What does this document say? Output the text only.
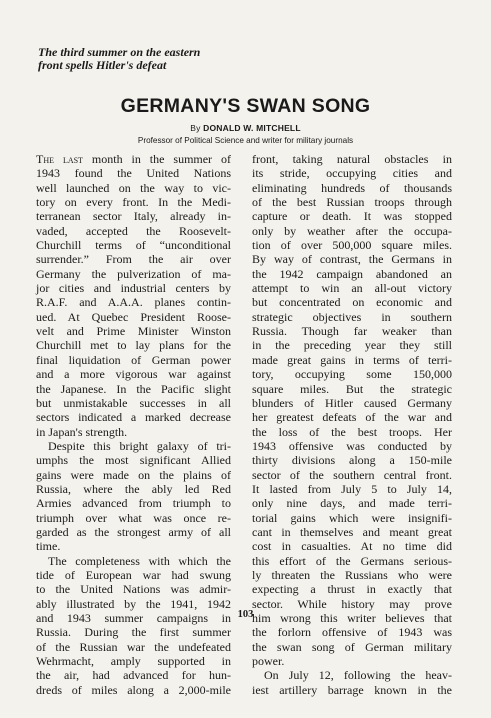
The third summer on the eastern
front spells Hitler's defeat
GERMANY'S SWAN SONG
By DONALD W. MITCHELL
Professor of Political Science and writer for military journals
The last month in the summer of
1943 found the United Nations
well launched on the way to vic-
tory on every front. In the Medi-
terranean sector Italy, already in-
vaded, accepted the Roosevelt-
Churchill terms of “unconditional
surrender.” From the air over
Germany the pulverization of ma-
jor cities and industrial centers by
R.A.F. and A.A.A. planes contin-
ued. At Quebec President Roose-
velt and Prime Minister Winston
Churchill met to lay plans for the
final liquidation of German power
and a more vigorous war against
the Japanese. In the Pacific slight
but unmistakable successes in all
sectors indicated a marked decrease
in Japan's strength.
 Despite this bright galaxy of tri-
umphs the most significant Allied
gains were made on the plains of
Russia, where the ably led Red
Armies advanced from triumph to
triumph over what was once re-
garded as the strongest army of all
time.
 The completeness with which the
tide of European war had swung
to the United Nations was admir-
ably illustrated by the 1941, 1942
and 1943 summer campaigns in
Russia. During the first summer
of the Russian war the undefeated
Wehrmacht, amply supported in
the air, had advanced for hun-
dreds of miles along a 2,000-mile
front, taking natural obstacles in
its stride, occupying cities and
eliminating hundreds of thousands
of the best Russian troops through
capture or death. It was stopped
only by weather after the occupa-
tion of over 500,000 square miles.
By way of contrast, the Germans in
the 1942 campaign abandoned an
attempt to win an all-out victory
but concentrated on economic and
strategic objectives in southern
Russia. Though far weaker than
in the preceding year they still
made great gains in terms of terri-
tory, occupying some 150,000
square miles. But the strategic
blunders of Hitler caused Germany
her greatest defeats of the war and
the loss of the best troops. Her
1943 offensive was conducted by
thirty divisions along a 150-mile
sector of the southern central front.
It lasted from July 5 to July 14,
only nine days, and made terri-
torial gains which were insignifi-
cant in themselves and meant great
cost in casualties. At no time did
this effort of the Germans serious-
ly threaten the Russians who were
expecting a thrust in exactly that
sector. While history may prove
him wrong this writer believes that
the forlorn offensive of 1943 was
the swan song of German military
power.
 On July 12, following the heav-
iest artillery barrage known in the
103
